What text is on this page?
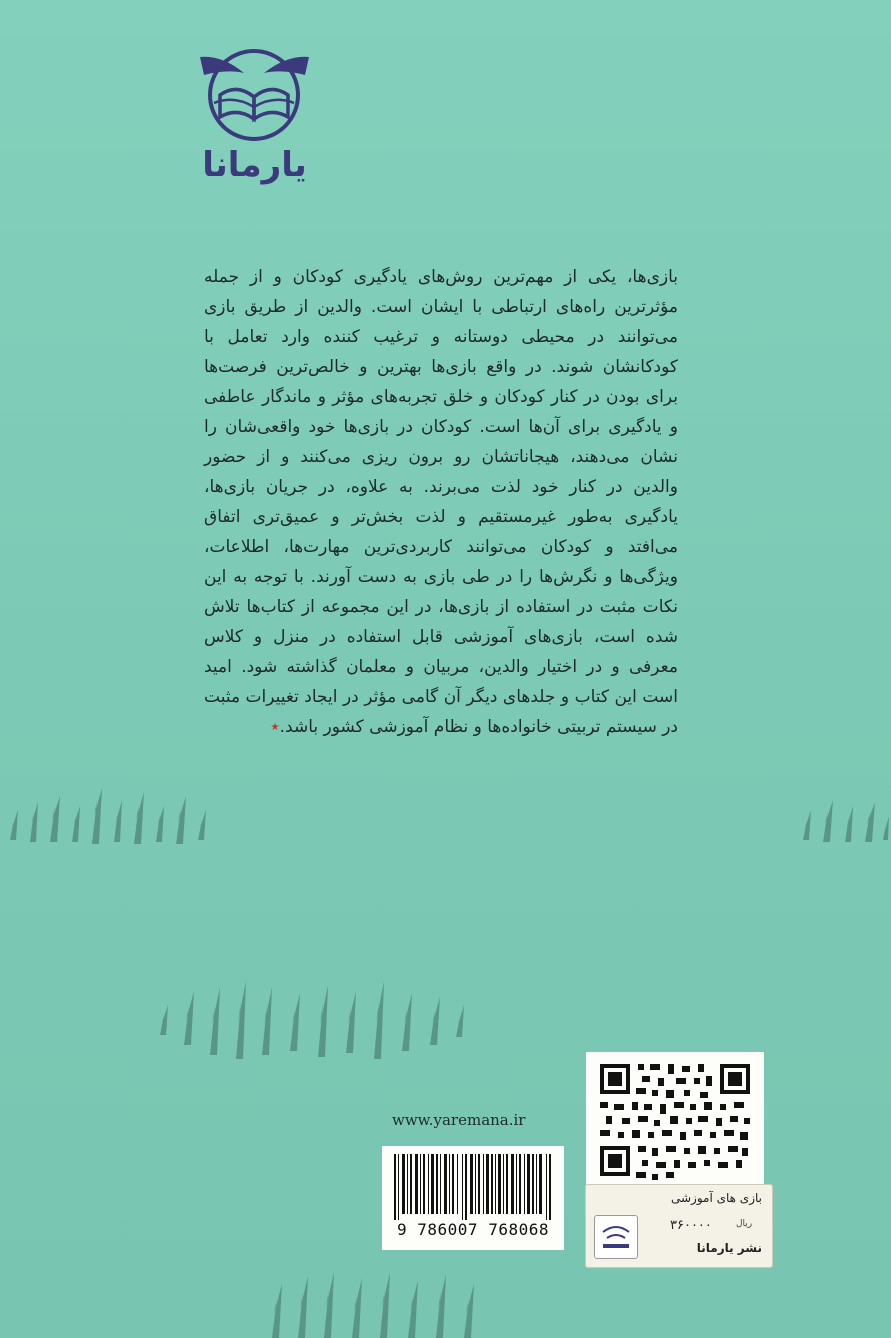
یارمانا
بازی‌ها، یکی از مهم‌ترین روش‌های یادگیری کودکان و از جمله مؤثرترین راه‌های ارتباطی با ایشان است. والدین از طریق بازی می‌توانند در محیطی دوستانه و ترغیب کننده وارد تعامل با کودکانشان شوند. در واقع بازی‌ها بهترین و خالص‌ترین فرصت‌ها برای بودن در کنار کودکان و خلق تجربه‌های مؤثر و ماندگار عاطفی و یادگیری برای آن‌ها است. کودکان در بازی‌ها خود واقعی‌شان را نشان می‌دهند، هیجاناتشان رو برون ریزی می‌کنند و از حضور والدین در کنار خود لذت می‌برند. به علاوه، در جریان بازی‌ها، یادگیری به‌طور غیرمستقیم و لذت بخش‌تر و عمیق‌تری اتفاق می‌افتد و کودکان می‌توانند کاربردی‌ترین مهارت‌ها، اطلاعات، ویژگی‌ها و نگرش‌ها را در طی بازی به دست آورند. با توجه به این نکات مثبت در استفاده از بازی‌ها، در این مجموعه از کتاب‌ها تلاش شده است، بازی‌های آموزشی قابل استفاده در منزل و کلاس معرفی و در اختیار والدین، مربیان و معلمان گذاشته شود. امید است این کتاب و جلدهای دیگر آن گامی مؤثر در ایجاد تغییرات مثبت در سیستم تربیتی خانواده‌ها و نظام آموزشی کشور باشد.٭
www.yaremana.ir
9 786007 768068
بازی های آموزشی
۳۶۰۰۰۰	ریال
نشر یارمانا
